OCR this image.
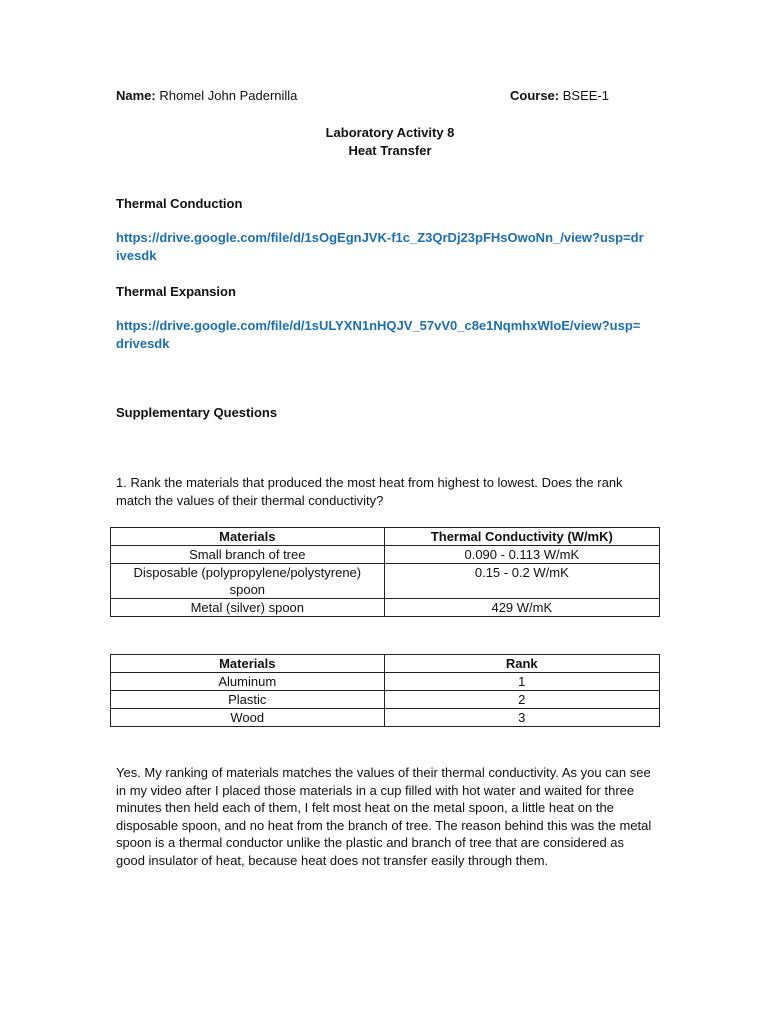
Name: Rhomel John Padernilla	Course: BSEE-1
Laboratory Activity 8
Heat Transfer
Thermal Conduction
https://drive.google.com/file/d/1sOgEgnJVK-f1c_Z3QrDj23pFHsOwoNn_/view?usp=drivesdk
Thermal Expansion
https://drive.google.com/file/d/1sULYXN1nHQJV_57vV0_c8e1NqmhxWIoE/view?usp=drivesdk
Supplementary Questions
1. Rank the materials that produced the most heat from highest to lowest. Does the rank match the values of their thermal conductivity?
Materials	Thermal Conductivity (W/mK)
Small branch of tree	0.090 - 0.113 W/mK
Disposable (polypropylene/polystyrene) spoon	0.15 - 0.2 W/mK
Metal (silver) spoon	429 W/mK
Materials	Rank
Aluminum	1
Plastic	2
Wood	3
Yes. My ranking of materials matches the values of their thermal conductivity. As you can see in my video after I placed those materials in a cup filled with hot water and waited for three minutes then held each of them, I felt most heat on the metal spoon, a little heat on the disposable spoon, and no heat from the branch of tree. The reason behind this was the metal spoon is a thermal conductor unlike the plastic and branch of tree that are considered as good insulator of heat, because heat does not transfer easily through them.
